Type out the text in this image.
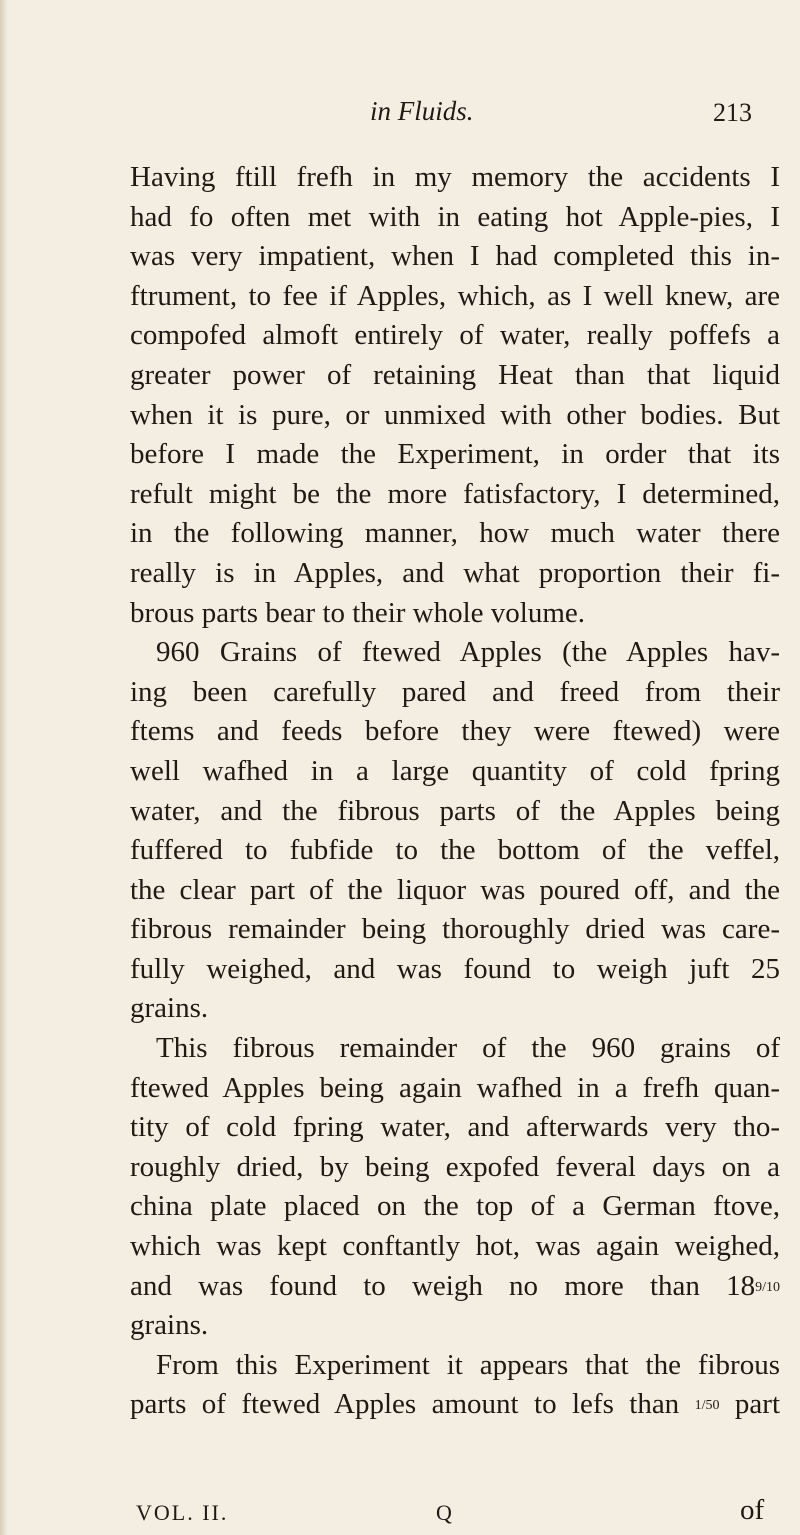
in Fluids.	213
Having ftill frefh in my memory the accidents I
had fo often met with in eating hot Apple-pies, I
was very impatient, when I had completed this in-
ftrument, to fee if Apples, which, as I well knew, are
compofed almoft entirely of water, really poffefs a
greater power of retaining Heat than that liquid
when it is pure, or unmixed with other bodies. But
before I made the Experiment, in order that its
refult might be the more fatisfactory, I determined,
in the following manner, how much water there
really is in Apples, and what proportion their fi-
brous parts bear to their whole volume.
960 Grains of ftewed Apples (the Apples hav-
ing been carefully pared and freed from their
ftems and feeds before they were ftewed) were
well wafhed in a large quantity of cold fpring
water, and the fibrous parts of the Apples being
fuffered to fubfide to the bottom of the veffel,
the clear part of the liquor was poured off, and the
fibrous remainder being thoroughly dried was care-
fully weighed, and was found to weigh juft 25
grains.
This fibrous remainder of the 960 grains of
ftewed Apples being again wafhed in a frefh quan-
tity of cold fpring water, and afterwards very tho-
roughly dried, by being expofed feveral days on a
china plate placed on the top of a German ftove,
which was kept conftantly hot, was again weighed,
and was found to weigh no more than 189/10
grains.
From this Experiment it appears that the fibrous
parts of ftewed Apples amount to lefs than 1/50 part
VOL. II.	Q	of
